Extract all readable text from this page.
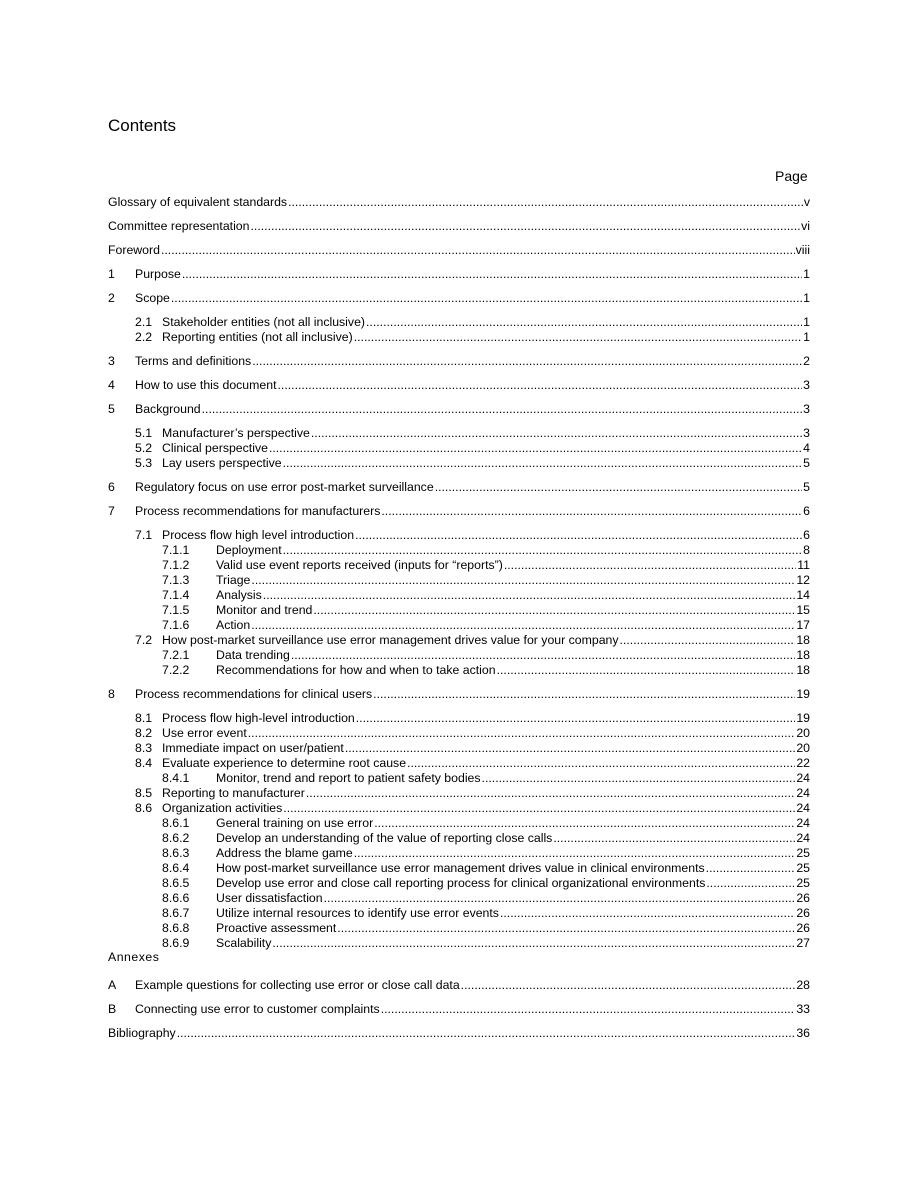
Contents
Page
Annexes
Glossary of equivalent standards .....	v
Committee representation .....	vi
Foreword .....	viii
1	Purpose .....	1
2	Scope .....	1
2.1 Stakeholder entities (not all inclusive) .....	1
2.2 Reporting entities (not all inclusive) .....	1
3	Terms and definitions .....	2
4	How to use this document .....	3
5	Background .....	3
5.1 Manufacturer’s perspective .....	3
5.2 Clinical perspective .....	4
5.3 Lay users perspective .....	5
6	Regulatory focus on use error post-market surveillance .....	5
7	Process recommendations for manufacturers .....	6
7.1 Process flow high level introduction .....	6
7.1.1	Deployment .....	8
7.1.2	Valid use event reports received (inputs for “reports”) .....	11
7.1.3	Triage .....	12
7.1.4	Analysis .....	14
7.1.5	Monitor and trend .....	15
7.1.6	Action .....	17
7.2 How post-market surveillance use error management drives value for your company .....	18
7.2.1	Data trending .....	18
7.2.2	Recommendations for how and when to take action .....	18
8	Process recommendations for clinical users .....	19
8.1 Process flow high-level introduction .....	19
8.2 Use error event .....	20
8.3 Immediate impact on user/patient .....	20
8.4 Evaluate experience to determine root cause .....	22
8.4.1	Monitor, trend and report to patient safety bodies .....	24
8.5 Reporting to manufacturer .....	24
8.6 Organization activities .....	24
8.6.1	General training on use error .....	24
8.6.2	Develop an understanding of the value of reporting close calls .....	24
8.6.3	Address the blame game .....	25
8.6.4	How post-market surveillance use error management drives value in clinical environments .....	25
8.6.5	Develop use error and close call reporting process for clinical organizational environments .....	25
8.6.6	User dissatisfaction .....	26
8.6.7	Utilize internal resources to identify use error events .....	26
8.6.8	Proactive assessment .....	26
8.6.9	Scalability .....	27
A	Example questions for collecting use error or close call data .....	28
B	Connecting use error to customer complaints .....	33
Bibliography .....	36
